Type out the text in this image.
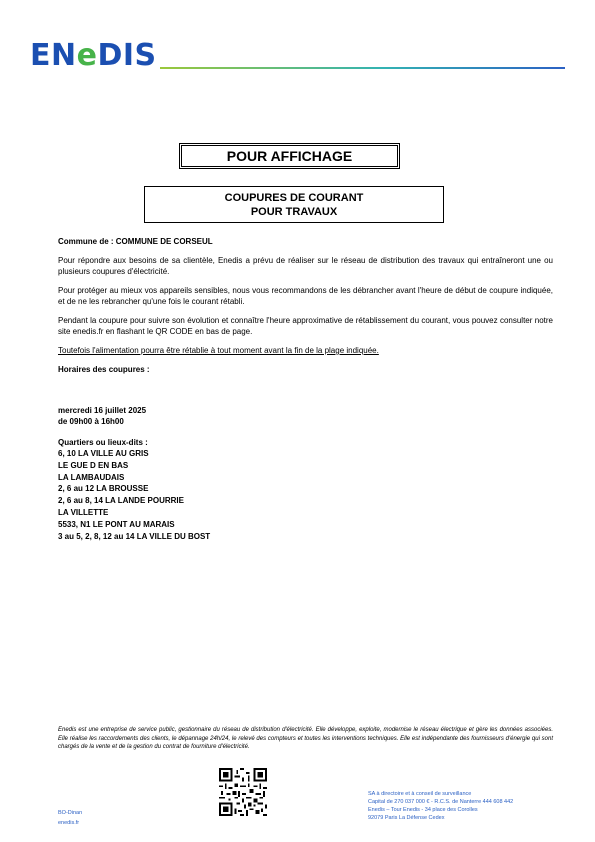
ENeDIS
POUR AFFICHAGE
COUPURES DE COURANT
POUR TRAVAUX

Commune de : COMMUNE DE CORSEUL

Pour répondre aux besoins de sa clientèle, Enedis a prévu de réaliser sur le réseau de distribution des travaux qui entraîneront une ou plusieurs coupures d'électricité.

Pour protéger au mieux vos appareils sensibles, nous vous recommandons de les débrancher avant l'heure de début de coupure indiquée, et de ne les rebrancher qu'une fois le courant rétabli.

Pendant la coupure pour suivre son évolution et connaître l'heure approximative de rétablissement du courant, vous pouvez consulter notre site enedis.fr en flashant le QR CODE en bas de page.

Toutefois l'alimentation pourra être rétablie à tout moment avant la fin de la plage indiquée.

Horaires des coupures :

mercredi 16 juillet 2025
de 09h00 à 16h00
Quartiers ou lieux-dits :
6, 10 LA VILLE AU GRIS
LE GUE D EN BAS
LA LAMBAUDAIS
2, 6 au 12 LA BROUSSE
2, 6 au 8, 14 LA LANDE POURRIE
LA VILLETTE
5533, N1 LE PONT AU MARAIS
3 au 5, 2, 8, 12 au 14 LA VILLE DU BOST
Enedis est une entreprise de service public, gestionnaire du réseau de distribution d'électricité. Elle développe, exploite, modernise le réseau électrique et gère les données associées. Elle réalise les raccordements des clients, le dépannage 24h/24, le relevé des compteurs et toutes les interventions techniques. Elle est indépendante des fournisseurs d'énergie qui sont chargés de la vente et de la gestion du contrat de fourniture d'électricité.
SA à directoire et à conseil de surveillance
Capital de 270 037 000 € - R.C.S. de Nanterre 444 608 442
Enedis – Tour Enedis - 34 place des Corolles
92079 Paris La Défense Cedex
BO-Dinan
enedis.fr
